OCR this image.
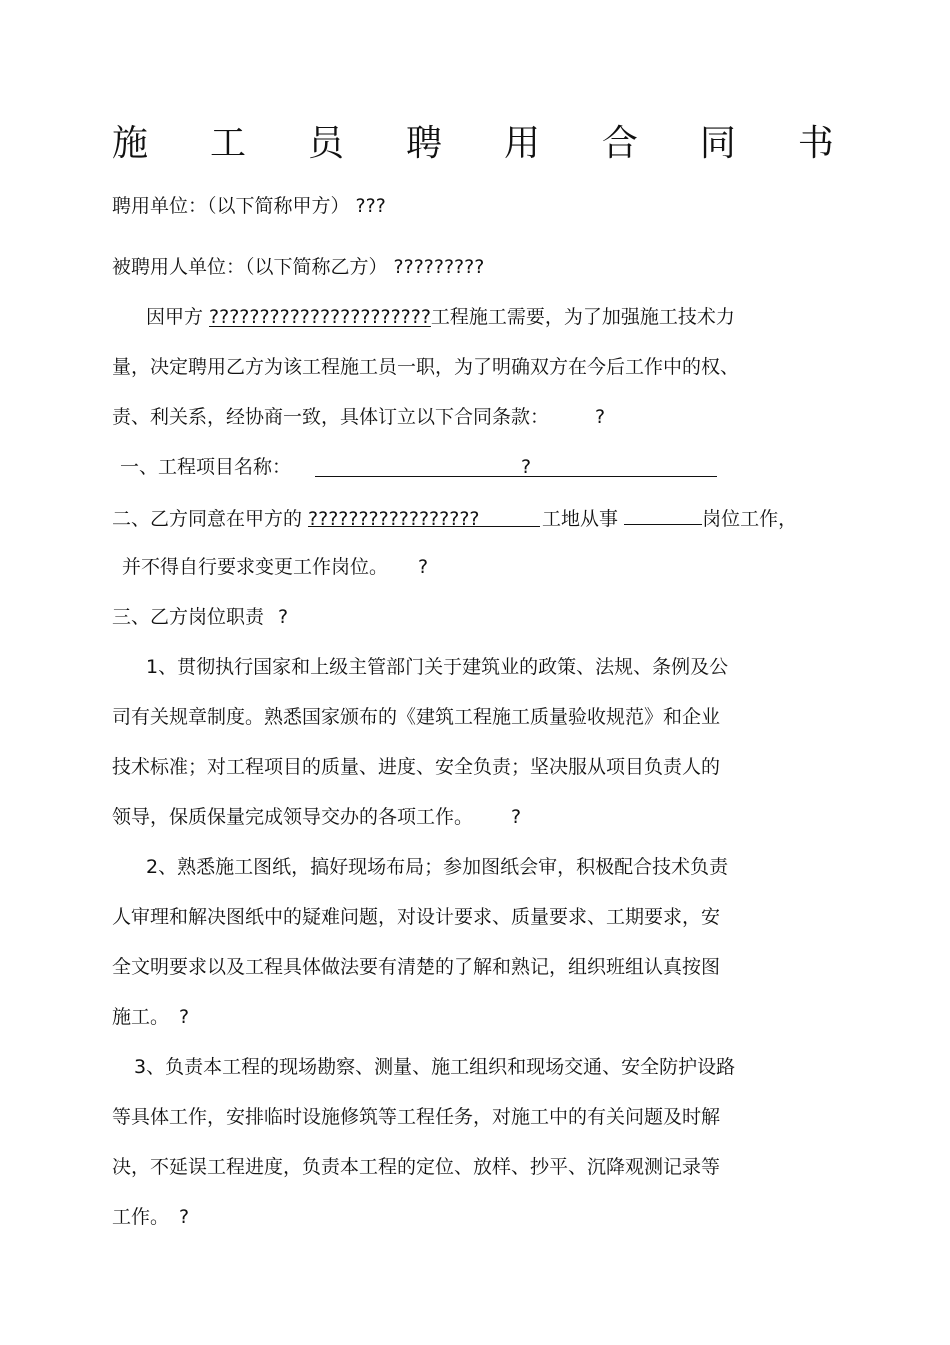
施 工 员 聘 用 合 同 书
聘用单位：（以下简称甲方） ???
被聘用人单位：（以下简称乙方） ?????????
因甲方 ??????????????????????工程施工需要，为了加强施工技术力
量，决定聘用乙方为该工程施工员一职，为了明确双方在今后工作中的权、
责、利关系，经协商一致，具体订立以下合同条款： ?
一、工程项目名称：	?
二、乙方同意在甲方的 ?????????????????	工地从事	岗位工作，
并不得自行要求变更工作岗位。 ?
三、乙方岗位职责 ?
1、贯彻执行国家和上级主管部门关于建筑业的政策、法规、条例及公
司有关规章制度。熟悉国家颁布的《建筑工程施工质量验收规范》和企业
技术标准；对工程项目的质量、进度、安全负责；坚决服从项目负责人的
领导，保质保量完成领导交办的各项工作。 ?
2、熟悉施工图纸，搞好现场布局；参加图纸会审，积极配合技术负责
人审理和解决图纸中的疑难问题，对设计要求、质量要求、工期要求，安
全文明要求以及工程具体做法要有清楚的了解和熟记，组织班组认真按图
施工。 ?
3、负责本工程的现场勘察、测量、施工组织和现场交通、安全防护设路
等具体工作，安排临时设施修筑等工程任务，对施工中的有关问题及时解
决，不延误工程进度，负责本工程的定位、放样、抄平、沉降观测记录等
工作。 ?
